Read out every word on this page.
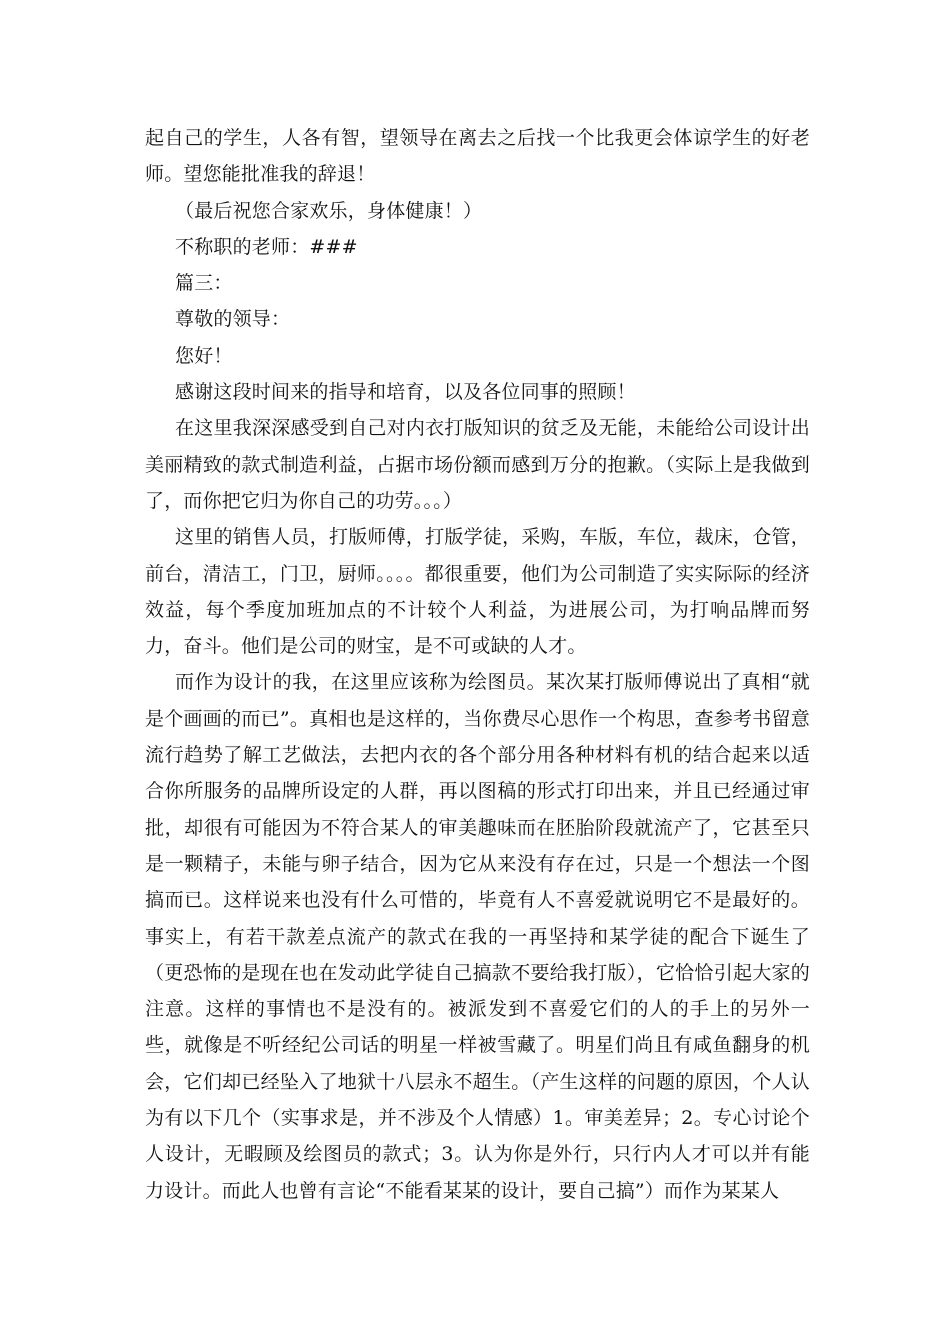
起自己的学生，人各有智，望领导在离去之后找一个比我更会体谅学生的好老师。望您能批准我的辞退！

（最后祝您合家欢乐，身体健康！）

不称职的老师：###

篇三：

尊敬的领导：

您好！

感谢这段时间来的指导和培育，以及各位同事的照顾！

在这里我深深感受到自己对内衣打版知识的贫乏及无能，未能给公司设计出美丽精致的款式制造利益，占据市场份额而感到万分的抱歉。（实际上是我做到了，而你把它归为你自己的功劳。。。）

这里的销售人员，打版师傅，打版学徒，采购，车版，车位，裁床，仓管，前台，清洁工，门卫，厨师。。。。都很重要，他们为公司制造了实实际际的经济效益，每个季度加班加点的不计较个人利益，为进展公司，为打响品牌而努力，奋斗。他们是公司的财宝，是不可或缺的人才。

而作为设计的我，在这里应该称为绘图员。某次某打版师傅说出了真相“就是个画画的而已”。真相也是这样的，当你费尽心思作一个构思，查参考书留意流行趋势了解工艺做法，去把内衣的各个部分用各种材料有机的结合起来以适合你所服务的品牌所设定的人群，再以图稿的形式打印出来，并且已经通过审批，却很有可能因为不符合某人的审美趣味而在胚胎阶段就流产了，它甚至只是一颗精子，未能与卵子结合，因为它从来没有存在过，只是一个想法一个图搞而已。这样说来也没有什么可惜的，毕竟有人不喜爱就说明它不是最好的。事实上，有若干款差点流产的款式在我的一再坚持和某学徒的配合下诞生了（更恐怖的是现在也在发动此学徒自己搞款不要给我打版），它恰恰引起大家的注意。这样的事情也不是没有的。被派发到不喜爱它们的人的手上的另外一些，就像是不听经纪公司话的明星一样被雪藏了。明星们尚且有咸鱼翻身的机会，它们却已经坠入了地狱十八层永不超生。（产生这样的问题的原因，个人认为有以下几个（实事求是，并不涉及个人情感）1。审美差异；2。专心讨论个人设计，无暇顾及绘图员的款式；3。认为你是外行，只行内人才可以并有能力设计。而此人也曾有言论“不能看某某的设计，要自己搞”）而作为某某人
